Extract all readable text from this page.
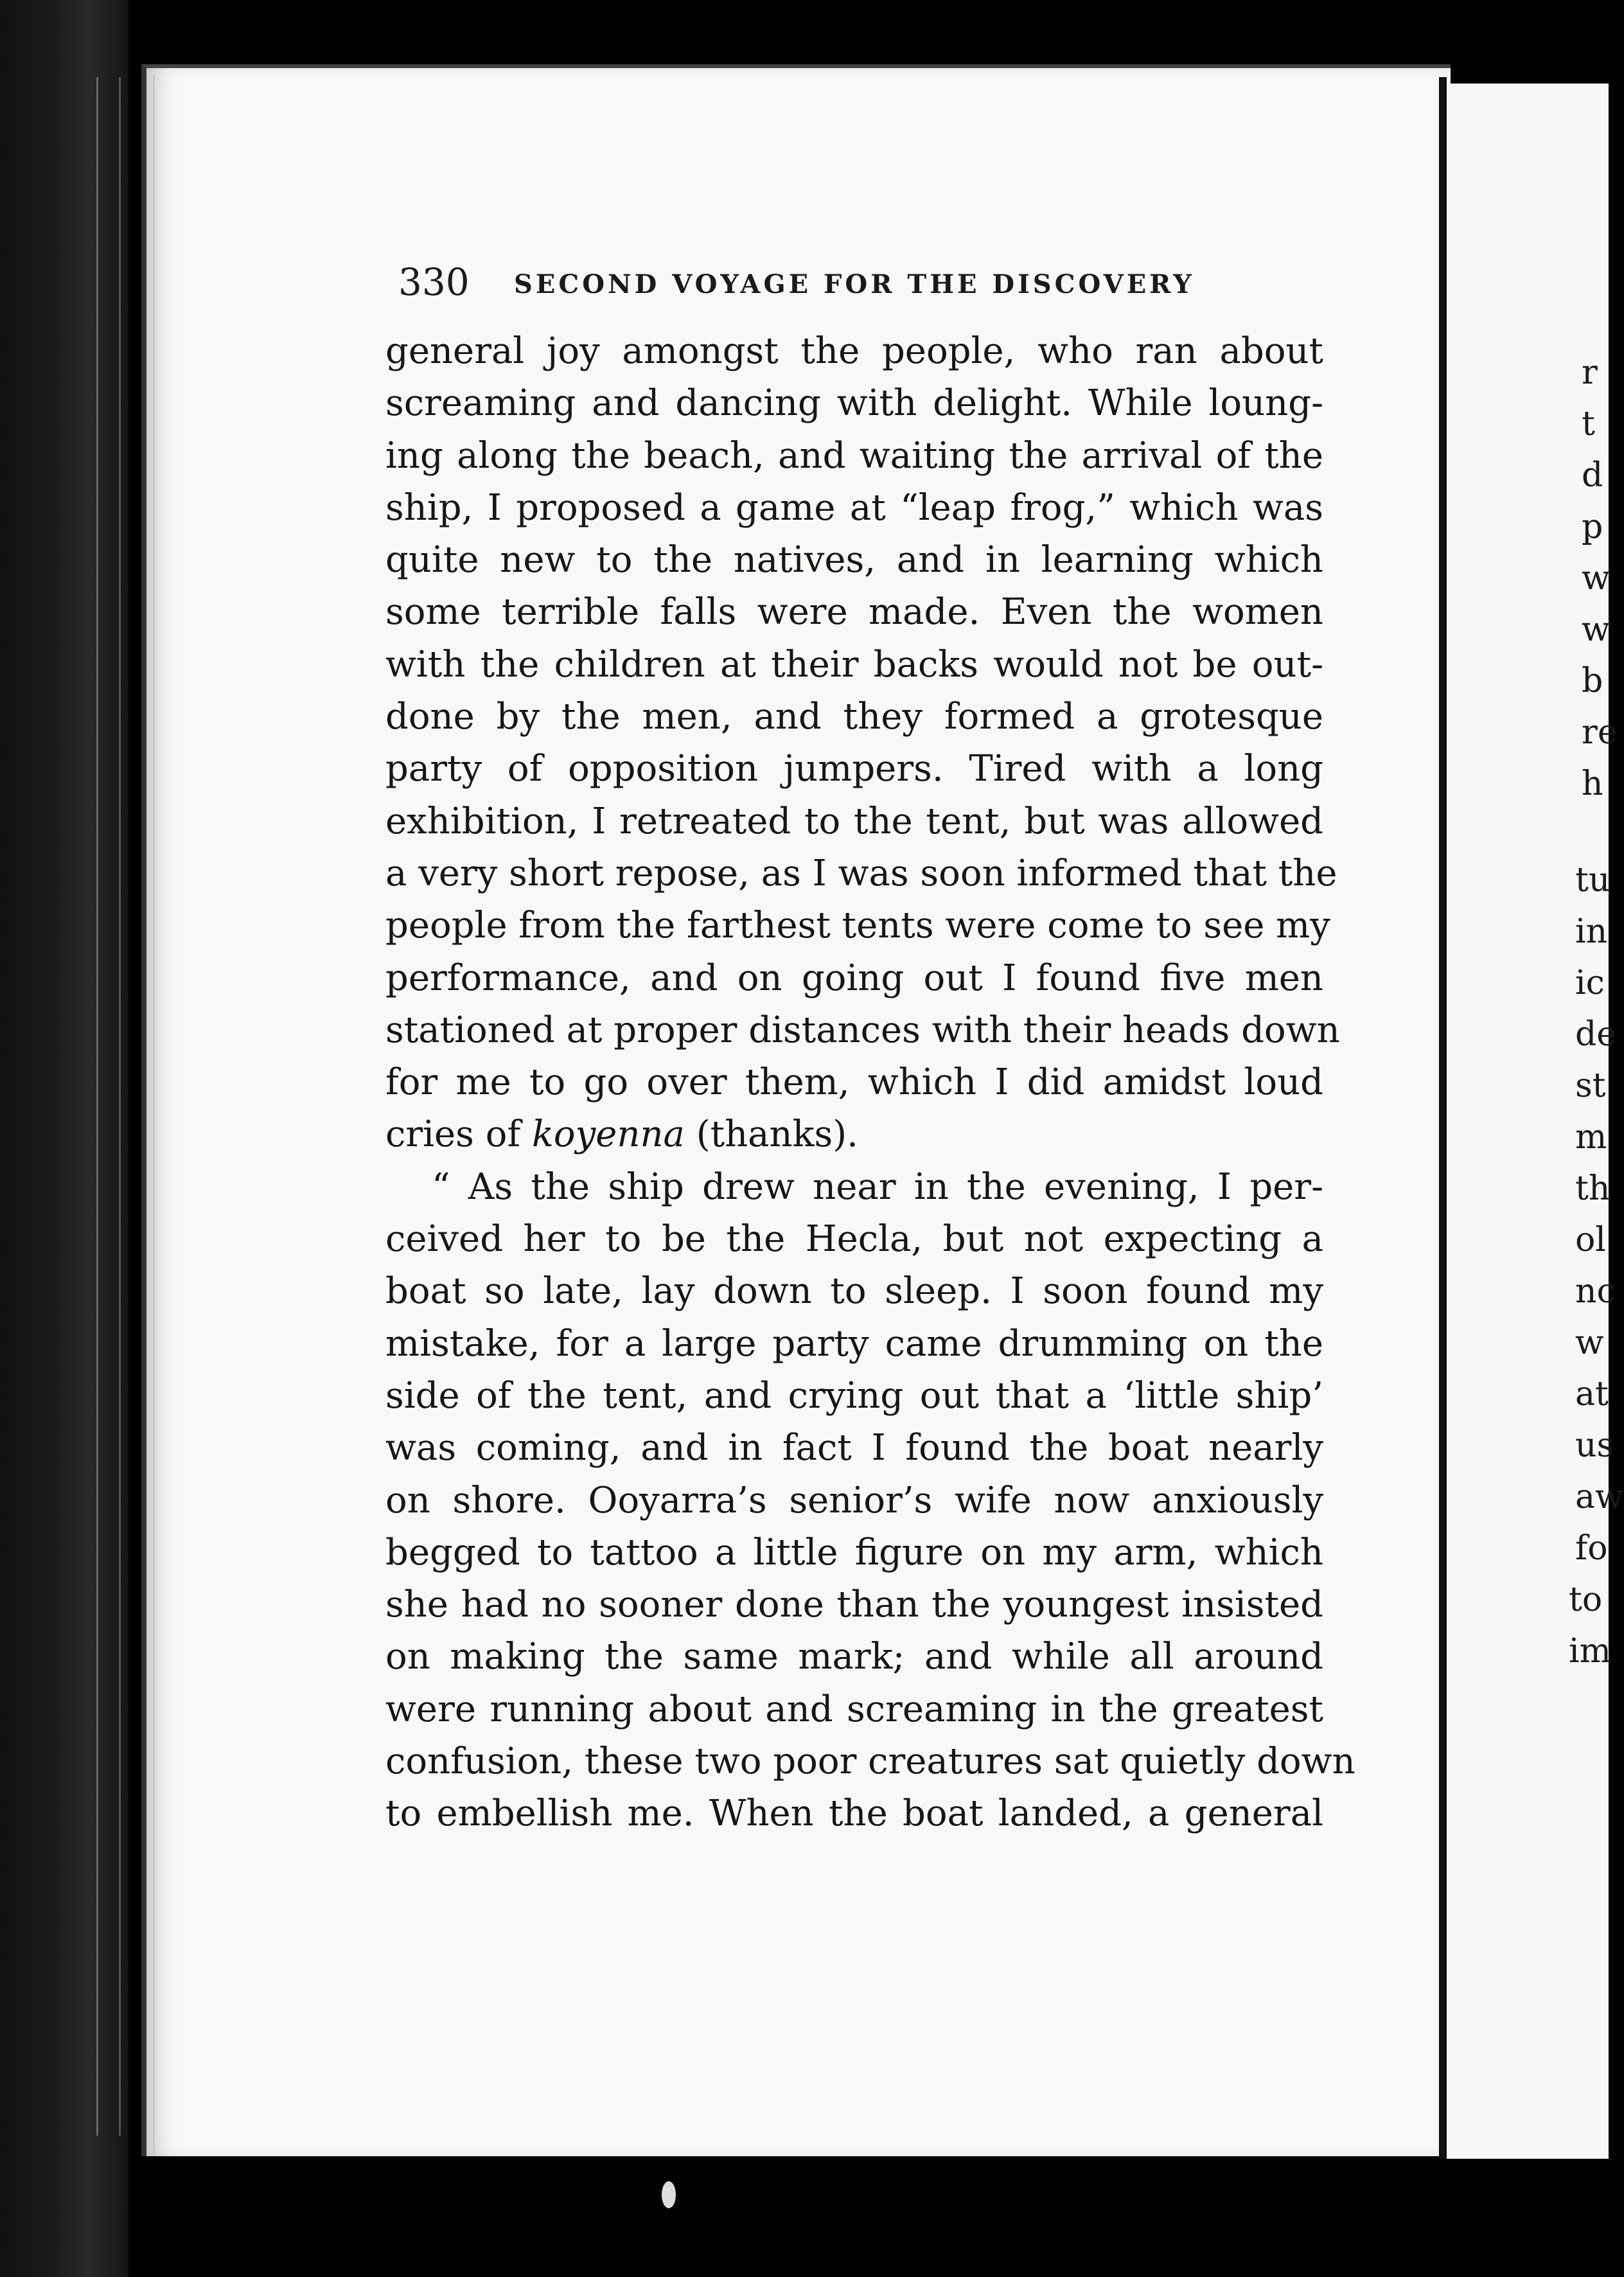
r
t
d
p
w
w
b
re
h
tu
in
ic
de
st
m
th
ol
nc
w
at
us
aw
fo
to
im
330 SECOND VOYAGE FOR THE DISCOVERY
general joy amongst the people, who ran about
screaming and dancing with delight. While loung-
ing along the beach, and waiting the arrival of the
ship, I proposed a game at “leap frog,” which was
quite new to the natives, and in learning which
some terrible falls were made. Even the women
with the children at their backs would not be out-
done by the men, and they formed a grotesque
party of opposition jumpers. Tired with a long
exhibition, I retreated to the tent, but was allowed
a very short repose, as I was soon informed that the
people from the farthest tents were come to see my
performance, and on going out I found five men
stationed at proper distances with their heads down
for me to go over them, which I did amidst loud
cries of koyenna (thanks).
“ As the ship drew near in the evening, I per-
ceived her to be the Hecla, but not expecting a
boat so late, lay down to sleep. I soon found my
mistake, for a large party came drumming on the
side of the tent, and crying out that a ‘little ship’
was coming, and in fact I found the boat nearly
on shore. Ooyarra’s senior’s wife now anxiously
begged to tattoo a little figure on my arm, which
she had no sooner done than the youngest insisted
on making the same mark; and while all around
were running about and screaming in the greatest
confusion, these two poor creatures sat quietly down
to embellish me. When the boat landed, a general
